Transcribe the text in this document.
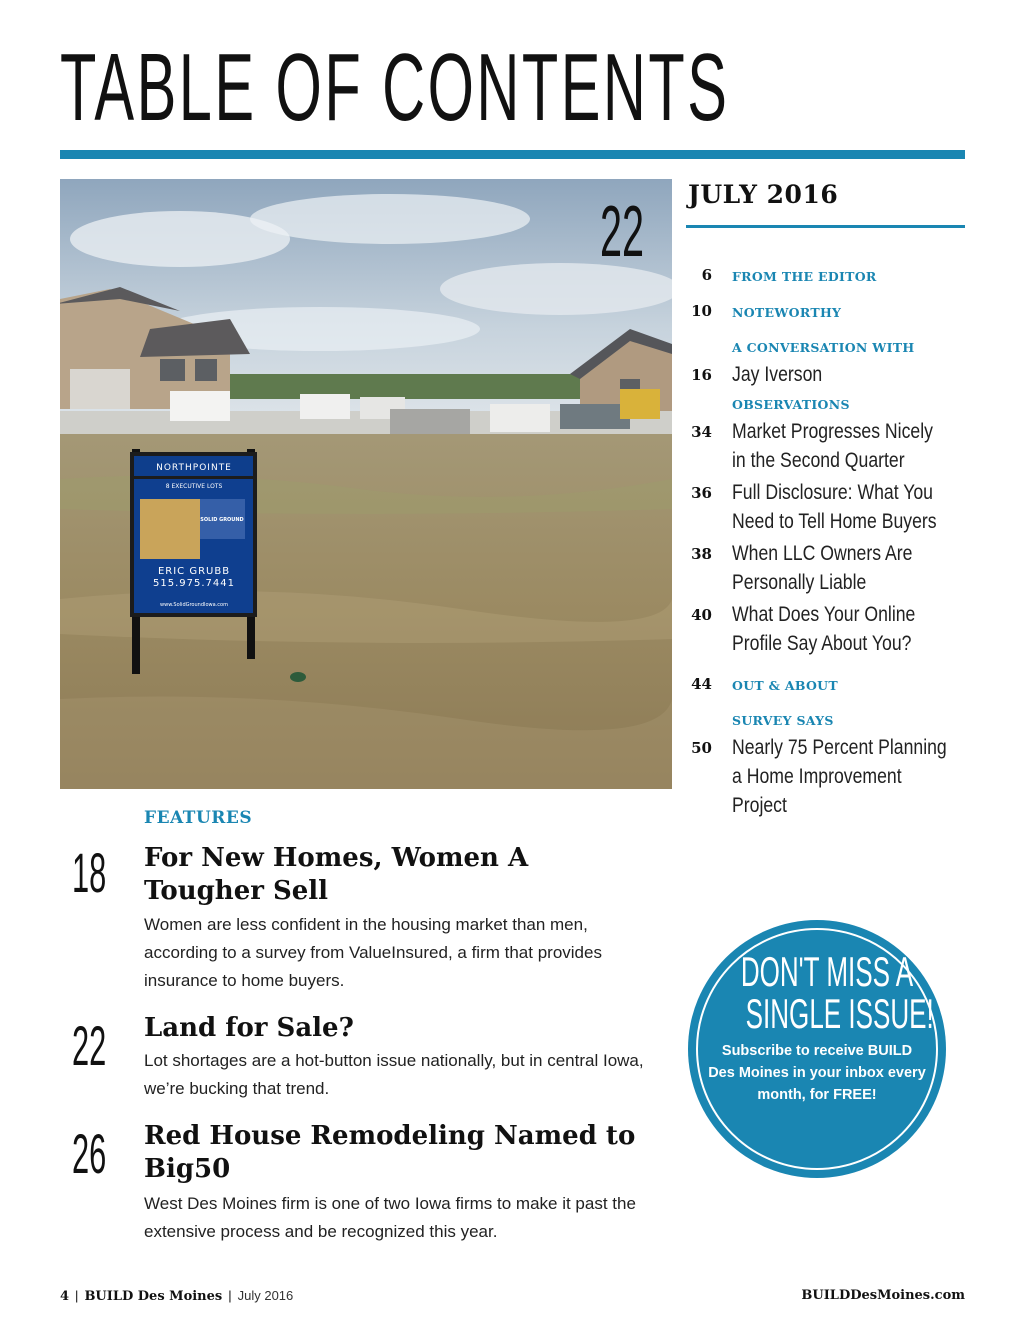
TABLE OF CONTENTS
NORTHPOINTE
8 EXECUTIVE LOTS
SOLID GROUND
ERIC GRUBB
515.975.7441
www.SolidGroundIowa.com
22 JULY 2016
6 FROM THE EDITOR
10 NOTEWORTHY
A CONVERSATION WITH
16 Jay Iverson
OBSERVATIONS
34 Market Progresses Nicely in the Second Quarter
36 Full Disclosure: What You Need to Tell Home Buyers
38 When LLC Owners Are Personally Liable
40 What Does Your Online Profile Say About You?
44 OUT & ABOUT
SURVEY SAYS
50 Nearly 75 Percent Planning a Home Improvement Project
FEATURES
18 For New Homes, Women A Tougher Sell
Women are less confident in the housing market than men, according to a survey from ValueInsured, a firm that provides insurance to home buyers.
22 Land for Sale?
Lot shortages are a hot-button issue nationally, but in central Iowa, we’re bucking that trend.
26 Red House Remodeling Named to Big50
West Des Moines firm is one of two Iowa firms to make it past the extensive process and be recognized this year.
DON'T MISS A
SINGLE ISSUE!
Subscribe to receive BUILD Des Moines in your inbox every month, for FREE!
4 | BUILD Des Moines | July 2016	BUILDDesMoines.com
